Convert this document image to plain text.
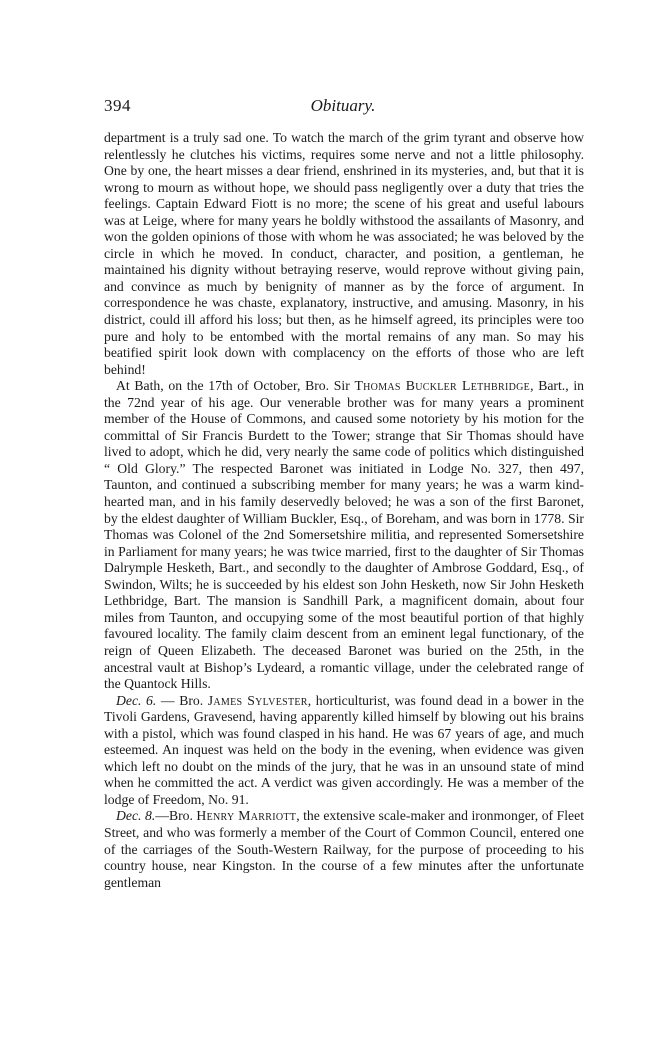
394	Obituary.

department is a truly sad one. To watch the march of the grim tyrant and observe how relentlessly he clutches his victims, requires some nerve and not a little philosophy. One by one, the heart misses a dear friend, enshrined in its mysteries, and, but that it is wrong to mourn as without hope, we should pass negligently over a duty that tries the feelings. Captain Edward Fiott is no more; the scene of his great and useful labours was at Leige, where for many years he boldly withstood the assailants of Masonry, and won the golden opinions of those with whom he was associated; he was beloved by the circle in which he moved. In conduct, character, and position, a gentleman, he maintained his dignity without betraying reserve, would reprove without giving pain, and convince as much by benignity of manner as by the force of argument. In correspondence he was chaste, explanatory, instructive, and amusing. Masonry, in his district, could ill afford his loss; but then, as he himself agreed, its principles were too pure and holy to be entombed with the mortal remains of any man. So may his beatified spirit look down with complacency on the efforts of those who are left behind!

At Bath, on the 17th of October, Bro. Sir Thomas Buckler Lethbridge, Bart., in the 72nd year of his age. Our venerable brother was for many years a prominent member of the House of Commons, and caused some notoriety by his motion for the committal of Sir Francis Burdett to the Tower; strange that Sir Thomas should have lived to adopt, which he did, very nearly the same code of politics which distinguished “ Old Glory.” The respected Baronet was initiated in Lodge No. 327, then 497, Taunton, and continued a subscribing member for many years; he was a warm kind-hearted man, and in his family deservedly beloved; he was a son of the first Baronet, by the eldest daughter of William Buckler, Esq., of Boreham, and was born in 1778. Sir Thomas was Colonel of the 2nd Somersetshire militia, and represented Somersetshire in Parliament for many years; he was twice married, first to the daughter of Sir Thomas Dalrymple Hesketh, Bart., and secondly to the daughter of Ambrose Goddard, Esq., of Swindon, Wilts; he is succeeded by his eldest son John Hesketh, now Sir John Hesketh Lethbridge, Bart. The mansion is Sandhill Park, a magnificent domain, about four miles from Taunton, and occupying some of the most beautiful portion of that highly favoured locality. The family claim descent from an eminent legal functionary, of the reign of Queen Elizabeth. The deceased Baronet was buried on the 25th, in the ancestral vault at Bishop’s Lydeard, a romantic village, under the celebrated range of the Quantock Hills.

Dec. 6. — Bro. James Sylvester, horticulturist, was found dead in a bower in the Tivoli Gardens, Gravesend, having apparently killed himself by blowing out his brains with a pistol, which was found clasped in his hand. He was 67 years of age, and much esteemed. An inquest was held on the body in the evening, when evidence was given which left no doubt on the minds of the jury, that he was in an unsound state of mind when he committed the act. A verdict was given accordingly. He was a member of the lodge of Freedom, No. 91.

Dec. 8.—Bro. Henry Marriott, the extensive scale-maker and ironmonger, of Fleet Street, and who was formerly a member of the Court of Common Council, entered one of the carriages of the South-Western Railway, for the purpose of proceeding to his country house, near Kingston. In the course of a few minutes after the unfortunate gentleman
